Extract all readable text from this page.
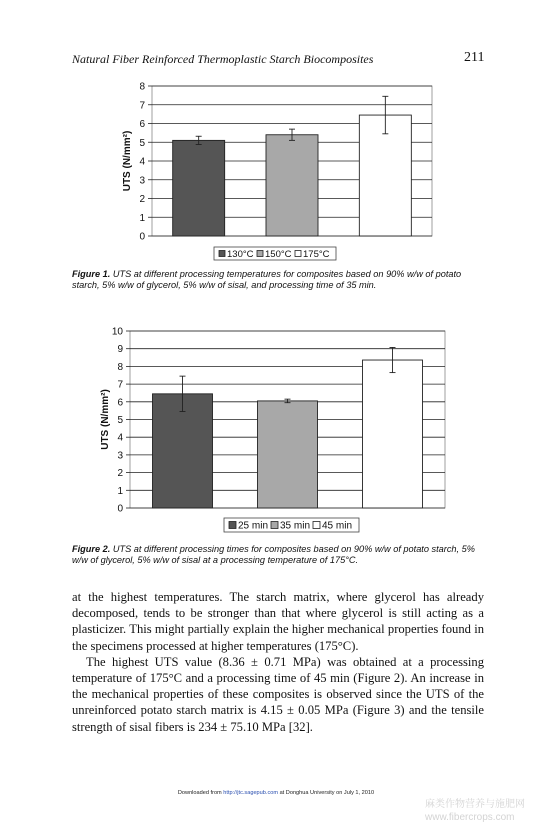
Natural Fiber Reinforced Thermoplastic Starch Biocomposites	211
0
1
2
3
4
5
6
7
8
UTS (N/mm²)
130°C 150°C 175°C
Figure 1. UTS at different processing temperatures for composites based on 90% w/w of potato starch, 5% w/w of glycerol, 5% w/w of sisal, and processing time of 35 min.
0
1
2
3
4
5
6
7
8
9
10
UTS (N/mm²)
25 min 35 min 45 min
Figure 2. UTS at different processing times for composites based on 90% w/w of potato starch, 5% w/w of glycerol, 5% w/w of sisal at a processing temperature of 175°C.

at the highest temperatures. The starch matrix, where glycerol has already decomposed, tends to be stronger than that where glycerol is still acting as a plasticizer. This might partially explain the higher mechanical properties found in the specimens processed at higher temperatures (175°C).

The highest UTS value (8.36 ± 0.71 MPa) was obtained at a processing temperature of 175°C and a processing time of 45 min (Figure 2). An increase in the mechanical properties of these composites is observed since the UTS of the unreinforced potato starch matrix is 4.15 ± 0.05 MPa (Figure 3) and the tensile strength of sisal fibers is 234 ± 75.10 MPa [32].

Downloaded from http://jtc.sagepub.com at Donghua University on July 1, 2010
麻类作物营养与施肥网
www.fibercrops.com
